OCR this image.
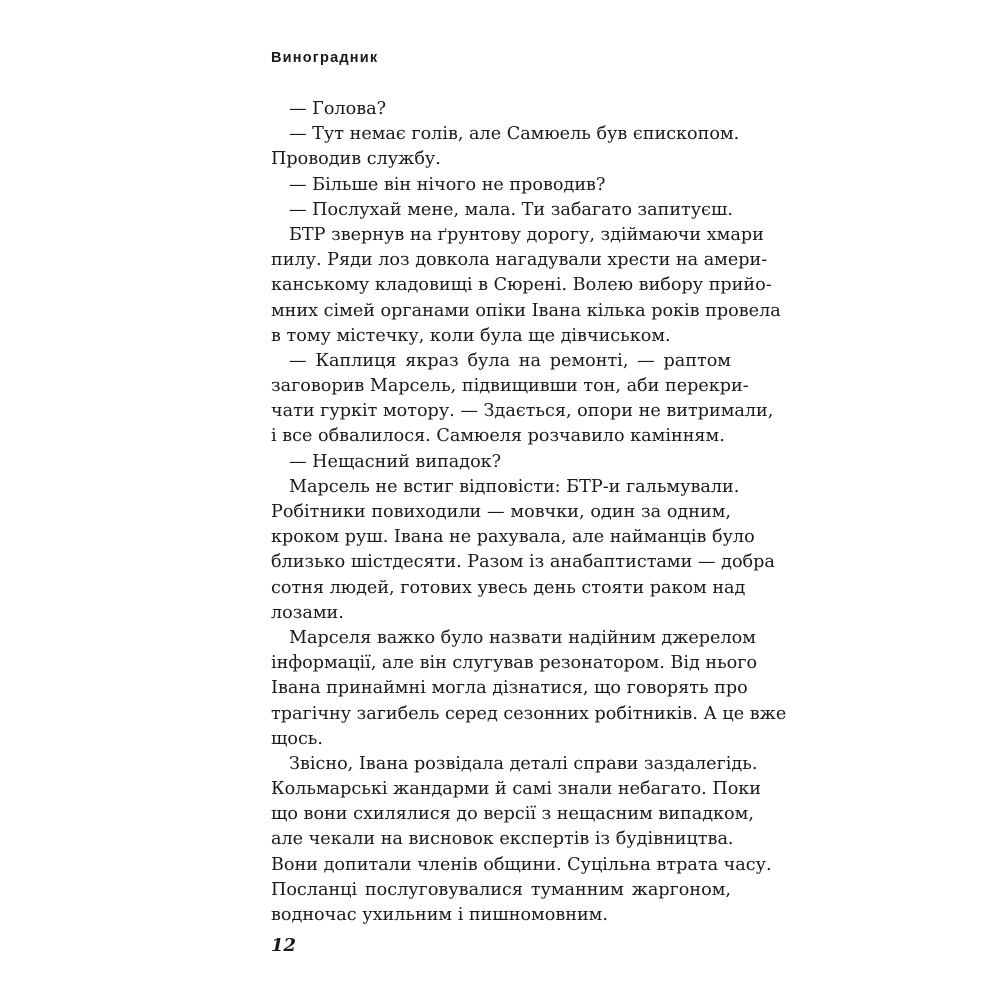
Виноградник
— Голова?
— Тут немає голів, але Самюель був єпископом.
Проводив службу.
— Більше він нічого не проводив?
— Послухай мене, мала. Ти забагато запитуєш.
БТР звернув на ґрунтову дорогу, здіймаючи хмари
пилу. Ряди лоз довкола нагадували хрести на амери-
канському кладовищі в Сюрені. Волею вибору прийо-
мних сімей органами опіки Івана кілька років провела
в тому містечку, коли була ще дівчиськом.
— Каплиця якраз була на ремонті, — раптом
заговорив Марсель, підвищивши тон, аби перекри-
чати гуркіт мотору. — Здається, опори не витримали,
і все обвалилося. Самюеля розчавило камінням.
— Нещасний випадок?
Марсель не встиг відповісти: БТР-и гальмували.
Робітники повиходили — мовчки, один за одним,
кроком руш. Івана не рахувала, але найманців було
близько шістдесяти. Разом із анабаптистами — добра
сотня людей, готових увесь день стояти раком над
лозами.
Марселя важко було назвати надійним джерелом
інформації, але він слугував резонатором. Від нього
Івана принаймні могла дізнатися, що говорять про
трагічну загибель серед сезонних робітників. А це вже
щось.
Звісно, Івана розвідала деталі справи заздалегідь.
Кольмарські жандарми й самі знали небагато. Поки
що вони схилялися до версії з нещасним випадком,
але чекали на висновок експертів із будівництва.
Вони допитали членів общини. Суцільна втрата часу.
Посланці послуговувалися туманним жаргоном,
водночас ухильним і пишномовним.
12
